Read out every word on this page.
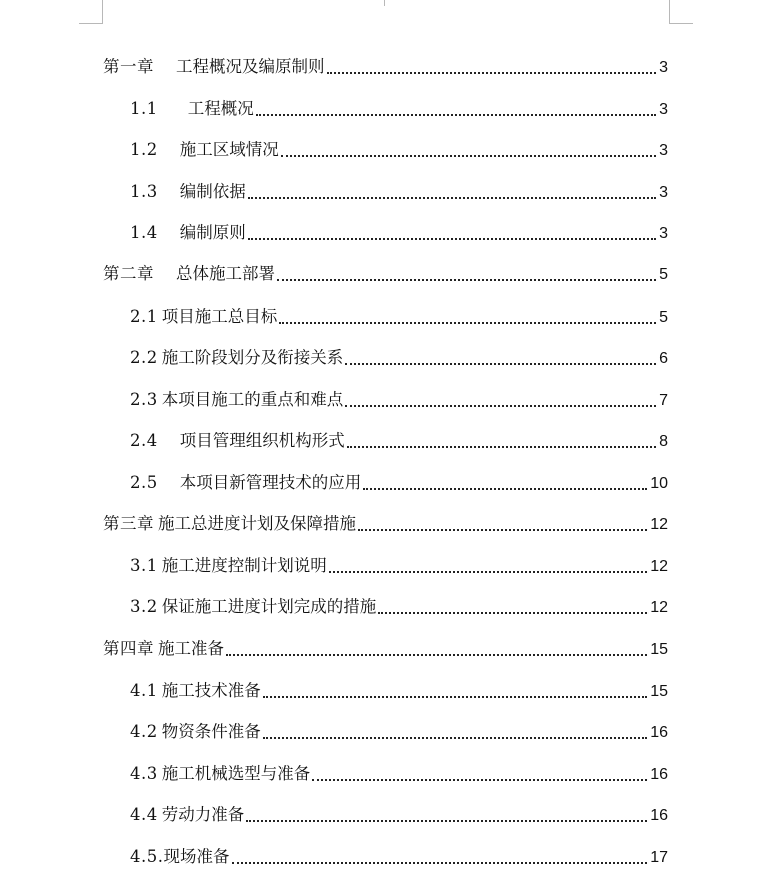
第一章 工程概况及编原制则	3
1.1 工程概况	3
1.2 施工区域情况	3
1.3 编制依据	3
1.4 编制原则	3
第二章 总体施工部署	5
2.1 项目施工总目标	5
2.2 施工阶段划分及衔接关系	6
2.3 本项目施工的重点和难点	7
2.4 项目管理组织机构形式	8
2.5 本项目新管理技术的应用	10
第三章 施工总进度计划及保障措施	12
3.1 施工进度控制计划说明	12
3.2 保证施工进度计划完成的措施	12
第四章 施工准备	15
4.1 施工技术准备	15
4.2 物资条件准备	16
4.3 施工机械选型与准备	16
4.4 劳动力准备	16
4.5.现场准备	17
